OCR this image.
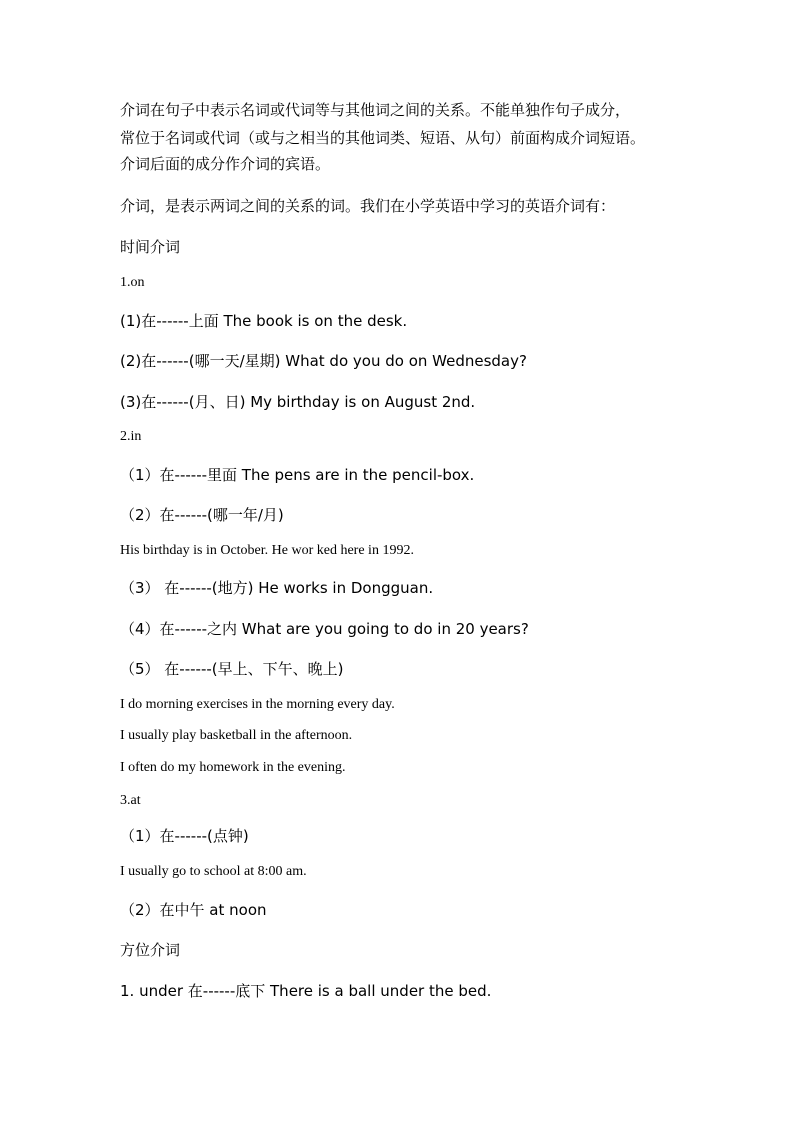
介词在句子中表示名词或代词等与其他词之间的关系。不能单独作句子成分，
常位于名词或代词（或与之相当的其他词类、短语、从句）前面构成介词短语。
介词后面的成分作介词的宾语。
介词，是表示两词之间的关系的词。我们在小学英语中学习的英语介词有：
时间介词
1.on
(1)在------上面 The book is on the desk.
(2)在------(哪一天/星期) What do you do on Wednesday?
(3)在------(月、日) My birthday is on August 2nd.
2.in
（1）在------里面 The pens are in the pencil-box.
（2）在------(哪一年/月)
His birthday is in October. He wor ked here in 1992.
（3） 在------(地方) He works in Dongguan.
（4）在------之内 What are you going to do in 20 years?
（5） 在------(早上、下午、晚上)
I do morning exercises in the morning every day.
I usually play basketball in the afternoon.
I often do my homework in the evening.
3.at
（1）在------(点钟)
I usually go to school at 8:00 am.
（2）在中午 at noon
方位介词
1. under 在------底下 There is a ball under the bed.
